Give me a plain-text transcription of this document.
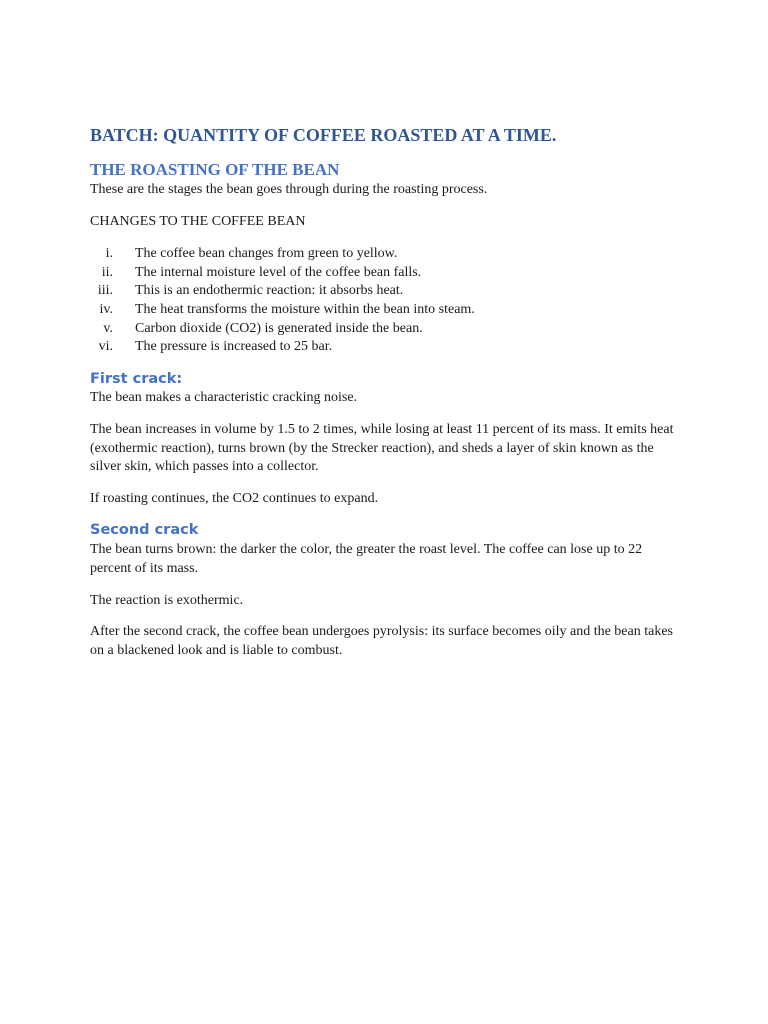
BATCH: QUANTITY OF COFFEE ROASTED AT A TIME.
THE ROASTING OF THE BEAN

These are the stages the bean goes through during the roasting process.

CHANGES TO THE COFFEE BEAN

i. The coffee bean changes from green to yellow.
ii. The internal moisture level of the coffee bean falls.
iii. This is an endothermic reaction: it absorbs heat.
iv. The heat transforms the moisture within the bean into steam.
v. Carbon dioxide (CO2) is generated inside the bean.
vi. The pressure is increased to 25 bar.
First crack:

The bean makes a characteristic cracking noise.

The bean increases in volume by 1.5 to 2 times, while losing at least 11 percent of its mass. It emits heat (exothermic reaction), turns brown (by the Strecker reaction), and sheds a layer of skin known as the silver skin, which passes into a collector.

If roasting continues, the CO2 continues to expand.

Second crack

The bean turns brown: the darker the color, the greater the roast level. The coffee can lose up to 22 percent of its mass.

The reaction is exothermic.

After the second crack, the coffee bean undergoes pyrolysis: its surface becomes oily and the bean takes on a blackened look and is liable to combust.
